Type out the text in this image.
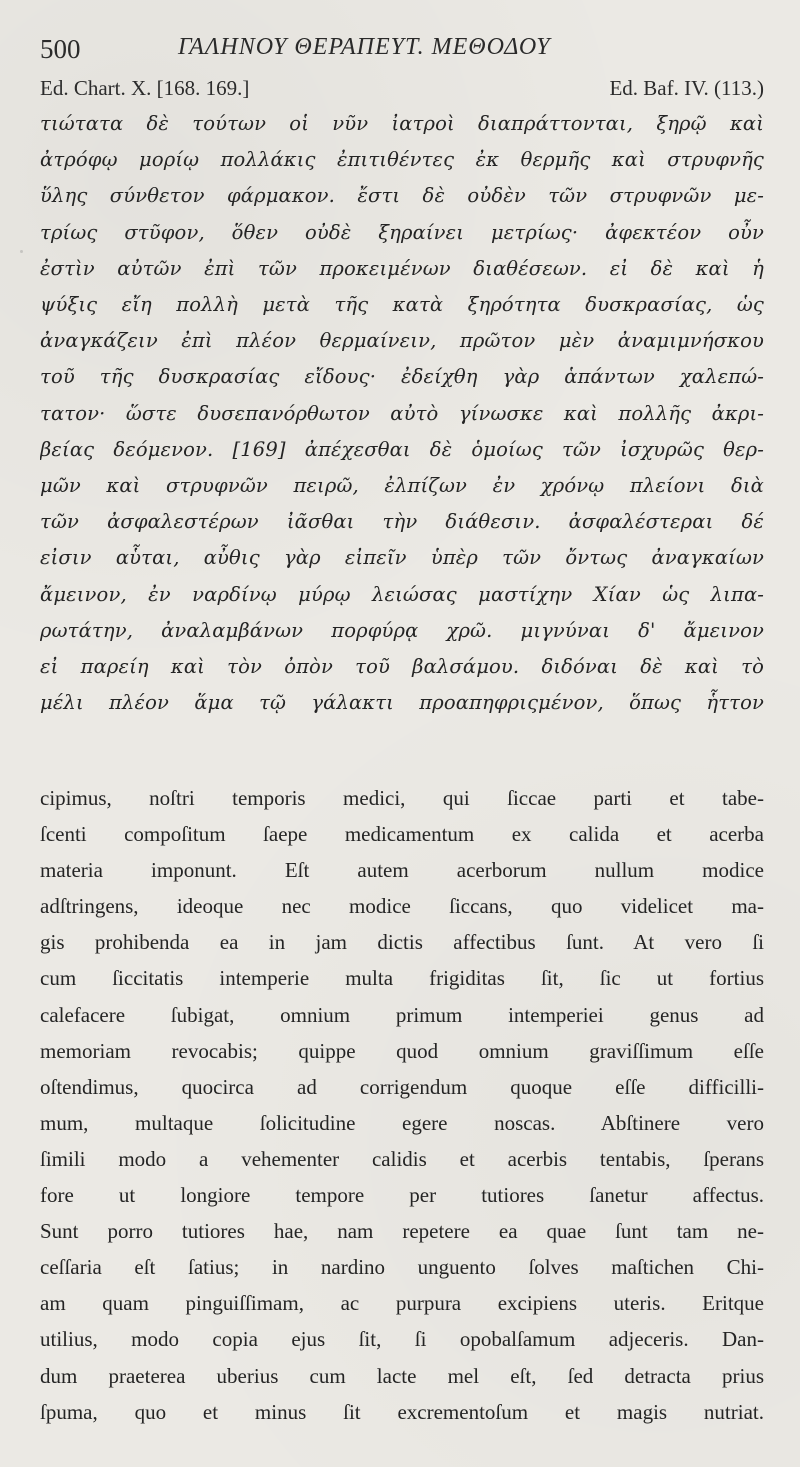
500	ΓΑΛΗΝΟΥ ΘΕΡΑΠΕΥΤ. ΜΕΘΟΔΟΥ
Ed. Chart. X. [168. 169.]	Ed. Baf. IV. (113.)
τιώτατα δὲ τούτων οἱ νῦν ἰατροὶ διαπράττονται, ξηρῷ καὶ
ἀτρόφῳ μορίῳ πολλάκις ἐπιτιθέντες ἐκ θερμῆς καὶ στρυφνῆς
ὕλης σύνθετον φάρμακον. ἔστι δὲ οὐδὲν τῶν στρυφνῶν με-
τρίως στῦφον, ὅθεν οὐδὲ ξηραίνει μετρίως· ἀφεκτέον οὖν
ἐστὶν αὐτῶν ἐπὶ τῶν προκειμένων διαθέσεων. εἰ δὲ καὶ ἡ
ψύξις εἴη πολλὴ μετὰ τῆς κατὰ ξηρότητα δυσκρασίας, ὡς
ἀναγκάζειν ἐπὶ πλέον θερμαίνειν, πρῶτον μὲν ἀναμιμνήσκου
τοῦ τῆς δυσκρασίας εἴδους· ἐδείχθη γὰρ ἁπάντων χαλεπώ-
τατον· ὥστε δυσεπανόρθωτον αὐτὸ γίνωσκε καὶ πολλῆς ἀκρι-
βείας δεόμενον. [169] ἀπέχεσθαι δὲ ὁμοίως τῶν ἰσχυρῶς θερ-
μῶν καὶ στρυφνῶν πειρῶ, ἐλπίζων ἐν χρόνῳ πλείονι διὰ
τῶν ἀσφαλεστέρων ἰᾶσθαι τὴν διάθεσιν. ἀσφαλέστεραι δέ
εἰσιν αὗται, αὖθις γὰρ εἰπεῖν ὑπὲρ τῶν ὄντως ἀναγκαίων
ἄμεινον, ἐν ναρδίνῳ μύρῳ λειώσας μαστίχην Χίαν ὡς λιπα-
ρωτάτην, ἀναλαμβάνων πορφύρᾳ χρῶ. μιγνύναι δ' ἄμεινον
εἰ παρείη καὶ τὸν ὀπὸν τοῦ βαλσάμου. διδόναι δὲ καὶ τὸ
μέλι πλέον ἅμα τῷ γάλακτι προαπηφριςμένον, ὅπως ἧττον
cipimus, noſtri temporis medici, qui ſiccae parti et tabe-
ſcenti compoſitum ſaepe medicamentum ex calida et acerba
materia imponunt. Eſt autem acerborum nullum modice
adſtringens, ideoque nec modice ſiccans, quo videlicet ma-
gis prohibenda ea in jam dictis affectibus ſunt. At vero ſi
cum ſiccitatis intemperie multa frigiditas ſit, ſic ut fortius
calefacere ſubigat, omnium primum intemperiei genus ad
memoriam revocabis; quippe quod omnium graviſſimum eſſe
oſtendimus, quocirca ad corrigendum quoque eſſe difficilli-
mum, multaque ſolicitudine egere noscas. Abſtinere vero
ſimili modo a vehementer calidis et acerbis tentabis, ſperans
fore ut longiore tempore per tutiores ſanetur affectus.
Sunt porro tutiores hae, nam repetere ea quae ſunt tam ne-
ceſſaria eſt ſatius; in nardino unguento ſolves maſtichen Chi-
am quam pinguiſſimam, ac purpura excipiens uteris. Eritque
utilius, modo copia ejus ſit, ſi opobalſamum adjeceris. Dan-
dum praeterea uberius cum lacte mel eſt, ſed detracta prius
ſpuma, quo et minus ſit excrementoſum et magis nutriat.
